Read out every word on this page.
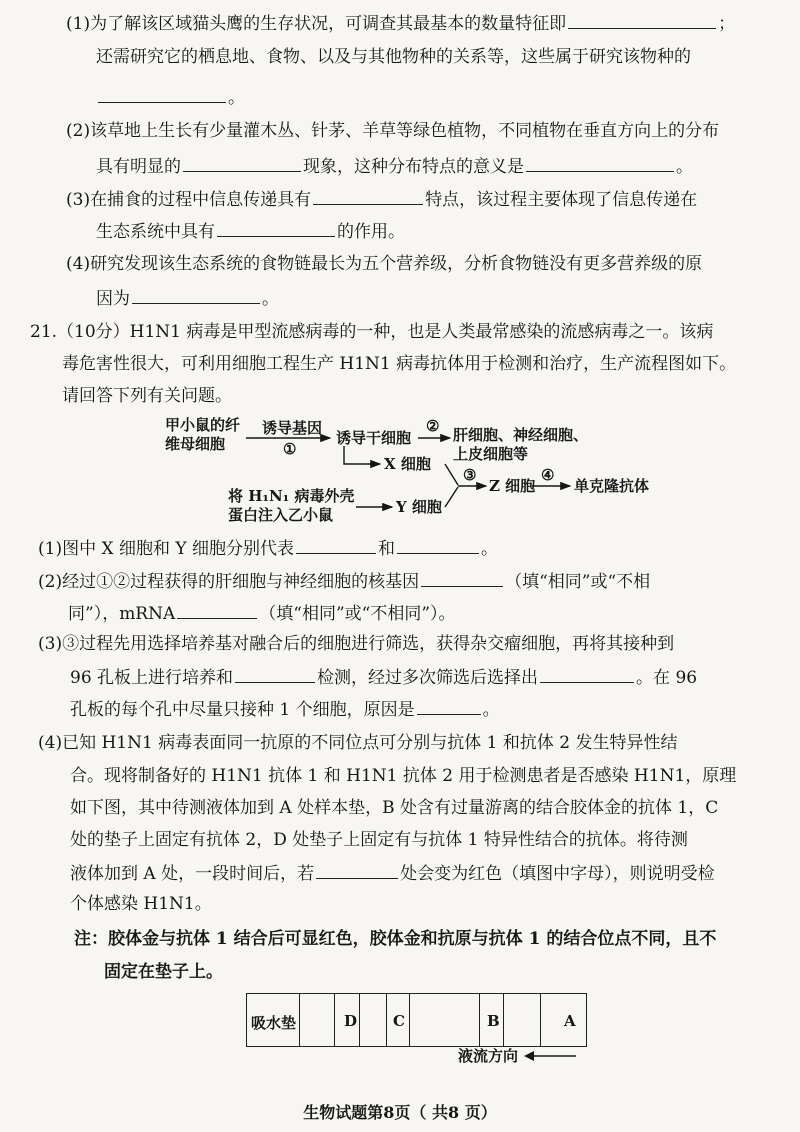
(1)为了解该区域猫头鹰的生存状况，可调查其最基本的数量特征即	；
还需研究它的栖息地、食物、以及与其他物种的关系等，这些属于研究该物种的
。
(2)该草地上生长有少量灌木丛、针茅、羊草等绿色植物，不同植物在垂直方向上的分布
具有明显的	现象，这种分布特点的意义是	。
(3)在捕食的过程中信息传递具有	特点，该过程主要体现了信息传递在
生态系统中具有	的作用。
(4)研究发现该生态系统的食物链最长为五个营养级，分析食物链没有更多营养级的原
因为	。
21.（10分）H1N1 病毒是甲型流感病毒的一种，也是人类最常感染的流感病毒之一。该病
毒危害性很大，可利用细胞工程生产 H1N1 病毒抗体用于检测和治疗，生产流程图如下。
请回答下列有关问题。
甲小鼠的纤
维母细胞
诱导基因
①
诱导干细胞
② 肝细胞、神经细胞、
上皮细胞等
X 细胞
③
Z 细胞
④
单克隆抗体
将 H₁N₁ 病毒外壳
蛋白注入乙小鼠	Y 细胞
(1)图中 X 细胞和 Y 细胞分别代表	和	。
(2)经过①②过程获得的肝细胞与神经细胞的核基因	（填“相同”或“不相
同”），mRNA	（填“相同”或“不相同”）。
(3)③过程先用选择培养基对融合后的细胞进行筛选，获得杂交瘤细胞，再将其接种到
96 孔板上进行培养和	检测，经过多次筛选后选择出	。在 96
孔板的每个孔中尽量只接种 1 个细胞，原因是	。
(4)已知 H1N1 病毒表面同一抗原的不同位点可分别与抗体 1 和抗体 2 发生特异性结
合。现将制备好的 H1N1 抗体 1 和 H1N1 抗体 2 用于检测患者是否感染 H1N1，原理
如下图，其中待测液体加到 A 处样本垫，B 处含有过量游离的结合胶体金的抗体 1，C
处的垫子上固定有抗体 2，D 处垫子上固定有与抗体 1 特异性结合的抗体。将待测
液体加到 A 处，一段时间后，若	处会变为红色（填图中字母），则说明受检
个体感染 H1N1。
注：胶体金与抗体 1 结合后可显红色，胶体金和抗原与抗体 1 的结合位点不同，且不
固定在垫子上。
吸水垫	D C	B	A
液流方向
生物试题第8页（ 共8 页）
